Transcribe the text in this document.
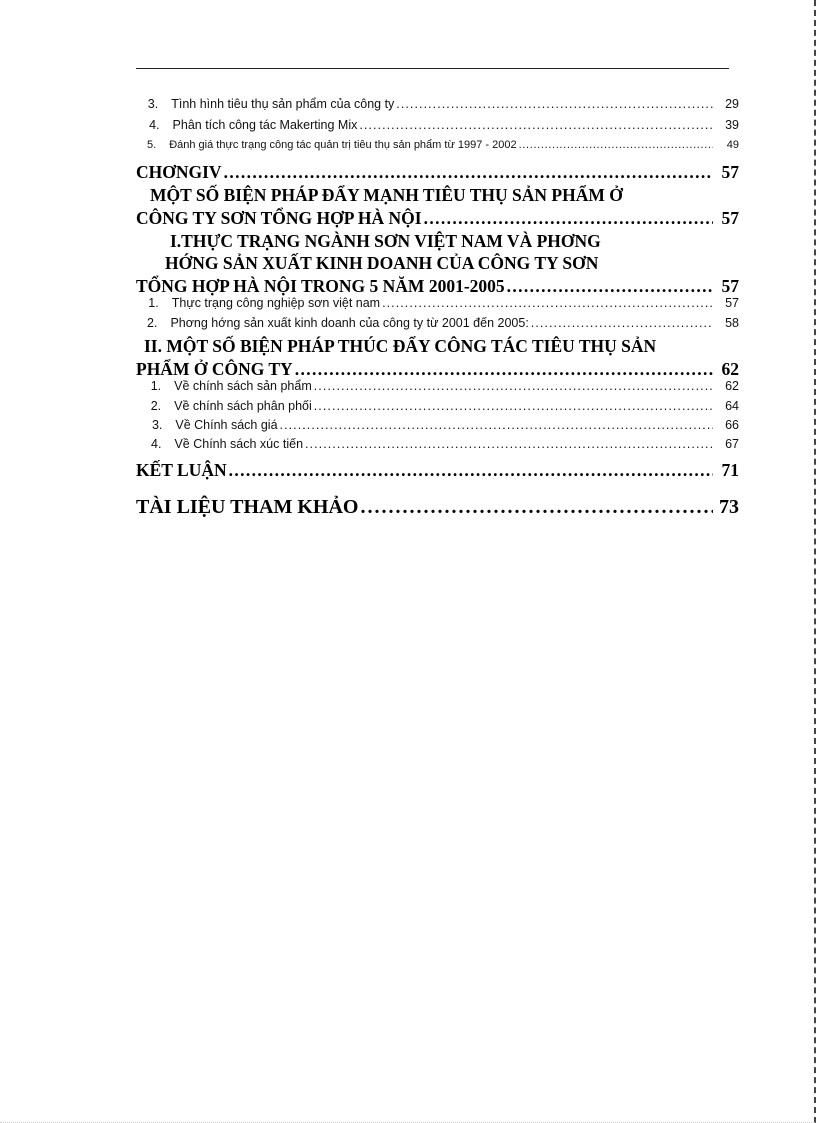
3. Tình hình tiêu thụ sản phẩm của công ty . . .	29
4. Phân tích công tác Makerting Mix . . .	39
5. Đánh giá thực trạng công tác quản trị tiêu thụ sản phẩm từ 1997 - 2002 . . .	49
CHƠNGIV . . .	57
MỘT SỐ BIỆN PHÁP ĐẨY MẠNH TIÊU THỤ SẢN PHẨM Ở
CÔNG TY SƠN TỔNG HỢP HÀ NỘI . . .	57
I.THỰC TRẠNG NGÀNH SƠN VIỆT NAM VÀ PHƠNG
HỚNG SẢN XUẤT KINH DOANH CỦA CÔNG TY SƠN
TỔNG HỢP HÀ NỘI TRONG 5 NĂM 2001-2005 . . .	57
1. Thực trạng công nghiệp sơn việt nam . . .	57
2. Phơng hớng sản xuất kinh doanh của công ty từ 2001 đến 2005: . . .	58
II. MỘT SỐ BIỆN PHÁP THÚC ĐẨY CÔNG TÁC TIÊU THỤ SẢN
PHẨM Ở CÔNG TY . . .	62
1. Về chính sách sản phẩm . . .	62
2. Về chính sách phân phối . . .	64
3. Về Chính sách giá . . .	66
4. Về Chính sách xúc tiến . . .	67
KẾT LUẬN . . .	71
TÀI LIỆU THAM KHẢO . . .	73
